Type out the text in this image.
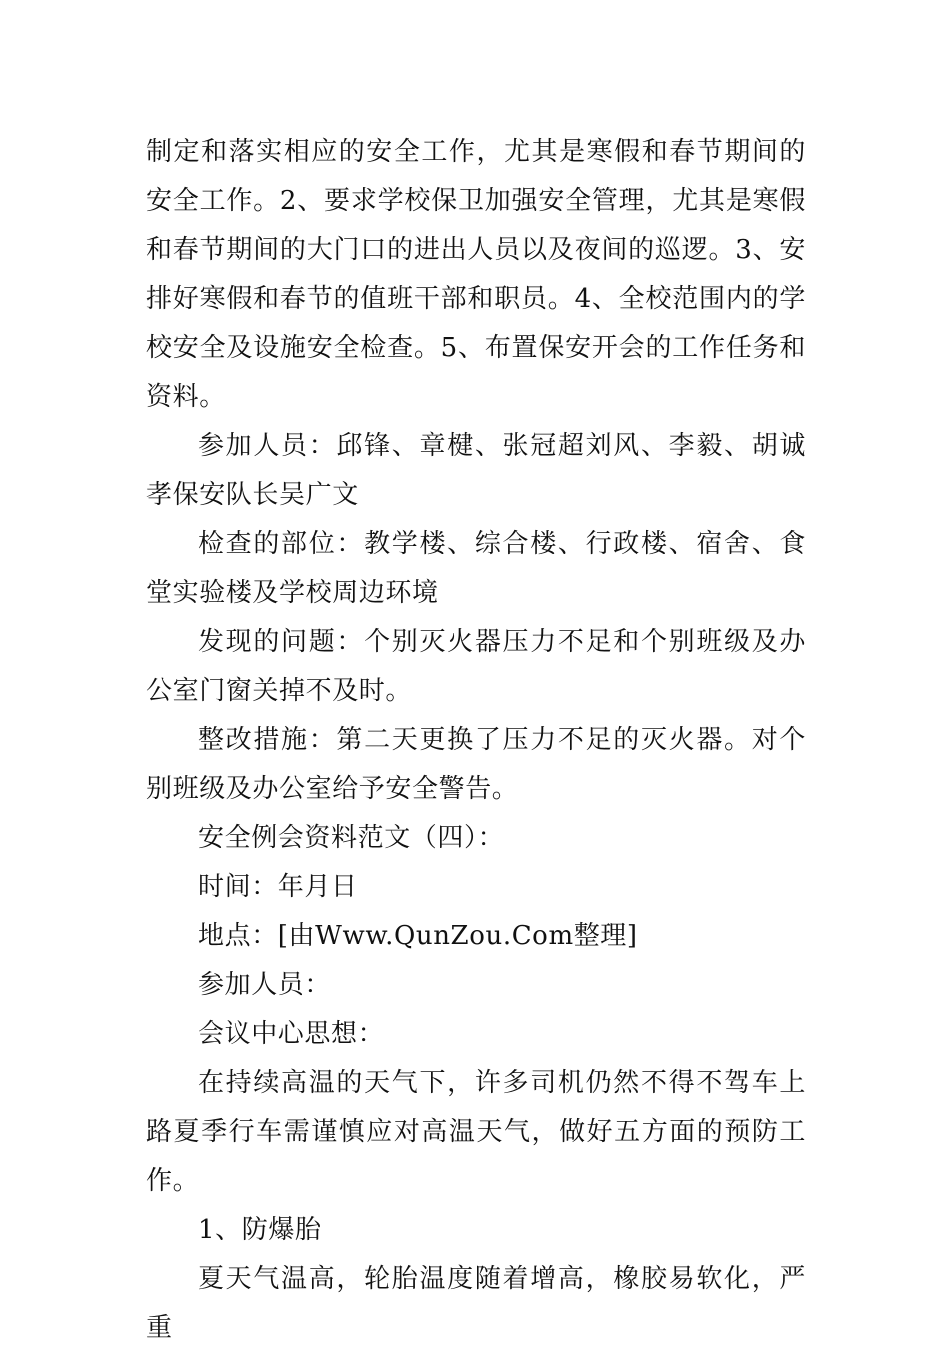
制定和落实相应的安全工作，尤其是寒假和春节期间的安全工作。2、要求学校保卫加强安全管理，尤其是寒假和春节期间的大门口的进出人员以及夜间的巡逻。3、安排好寒假和春节的值班干部和职员。4、全校范围内的学校安全及设施安全检查。5、布置保安开会的工作任务和资料。

参加人员：邱锋、章楗、张冠超刘风、李毅、胡诚孝保安队长吴广文

检查的部位：教学楼、综合楼、行政楼、宿舍、食堂实验楼及学校周边环境

发现的问题：个别灭火器压力不足和个别班级及办公室门窗关掉不及时。

整改措施：第二天更换了压力不足的灭火器。对个别班级及办公室给予安全警告。

安全例会资料范文（四）：

时间：年月日

地点：[由Www.QunZou.Com整理]

参加人员：

会议中心思想：

在持续高温的天气下，许多司机仍然不得不驾车上路夏季行车需谨慎应对高温天气，做好五方面的预防工作。

1、防爆胎

夏天气温高，轮胎温度随着增高，橡胶易软化，严重
